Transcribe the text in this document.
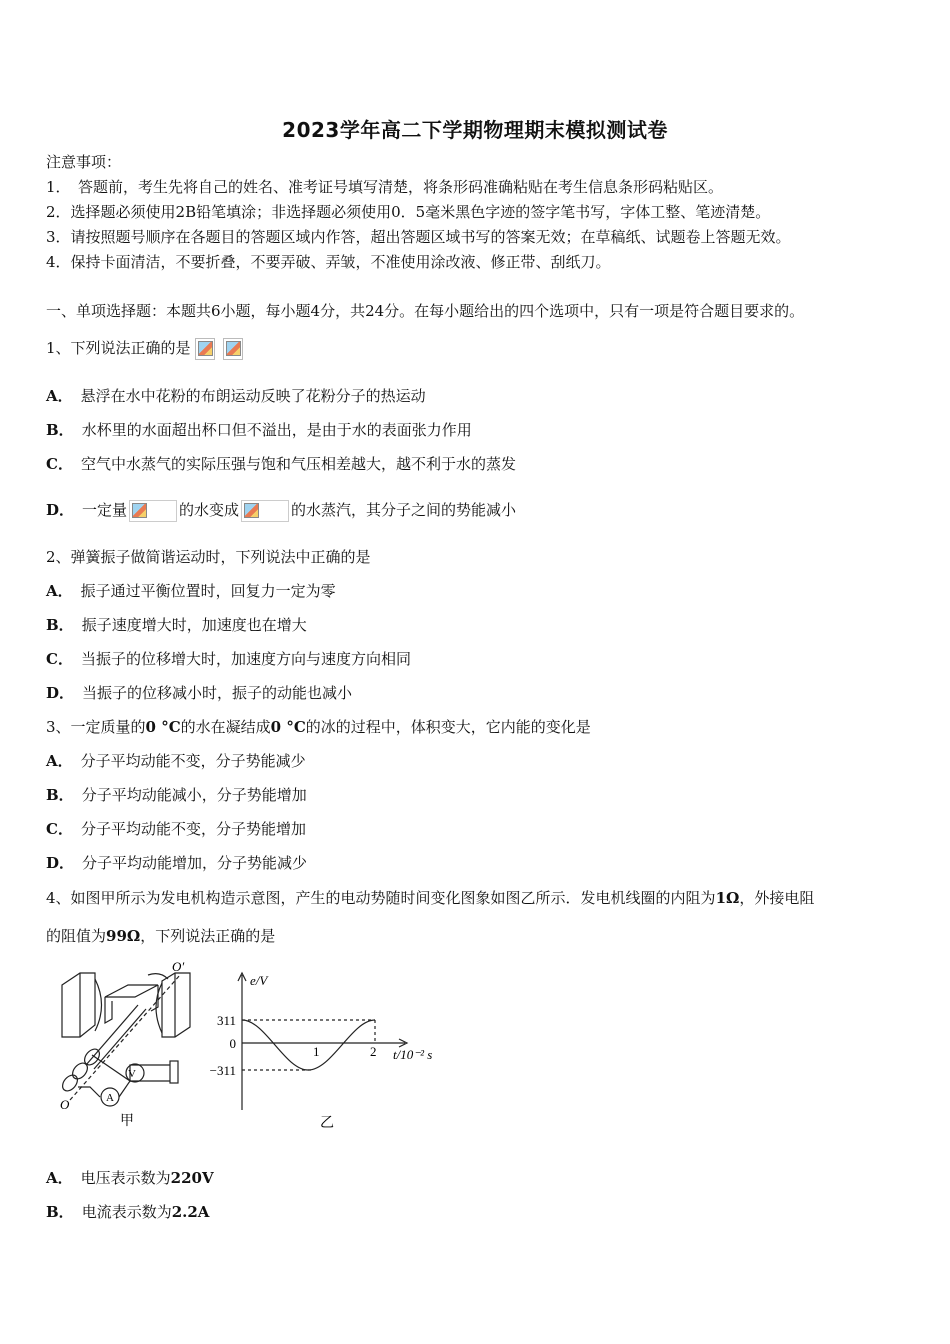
2023学年高二下学期物理期末模拟测试卷
注意事项：
1．　答题前，考生先将自己的姓名、准考证号填写清楚，将条形码准确粘贴在考生信息条形码粘贴区。
2．选择题必须使用2B铅笔填涂；非选择题必须使用0．5毫米黑色字迹的签字笔书写，字体工整、笔迹清楚。
3．请按照题号顺序在各题目的答题区域内作答，超出答题区域书写的答案无效；在草稿纸、试题卷上答题无效。
4．保持卡面清洁，不要折叠，不要弄破、弄皱，不准使用涂改液、修正带、刮纸刀。
一、单项选择题：本题共6小题，每小题4分，共24分。在每小题给出的四个选项中，只有一项是符合题目要求的。
1、下列说法正确的是
A． 悬浮在水中花粉的布朗运动反映了花粉分子的热运动
B． 水杯里的水面超出杯口但不溢出，是由于水的表面张力作用
C． 空气中水蒸气的实际压强与饱和气压相差越大，越不利于水的蒸发
D． 一定量	的水变成	的水蒸汽，其分子之间的势能减小
2、弹簧振子做简谐运动时，下列说法中正确的是
A． 振子通过平衡位置时，回复力一定为零
B． 振子速度增大时，加速度也在增大
C． 当振子的位移增大时，加速度方向与速度方向相同
D． 当振子的位移减小时，振子的动能也减小
3、一定质量的0 °C的水在凝结成0 °C的冰的过程中，体积变大，它内能的变化是
A． 分子平均动能不变，分子势能减少
B． 分子平均动能减小，分子势能增加
C． 分子平均动能不变，分子势能增加
D． 分子平均动能增加，分子势能减少
4、如图甲所示为发电机构造示意图，产生的电动势随时间变化图象如图乙所示．发电机线圈的内阻为1Ω，外接电阻
的阻值为99Ω，下列说法正确的是
V
A
O′
O
甲
e/V
311
0
−311
1	2 t/10⁻² s
乙
A． 电压表示数为220V
B． 电流表示数为2.2A
